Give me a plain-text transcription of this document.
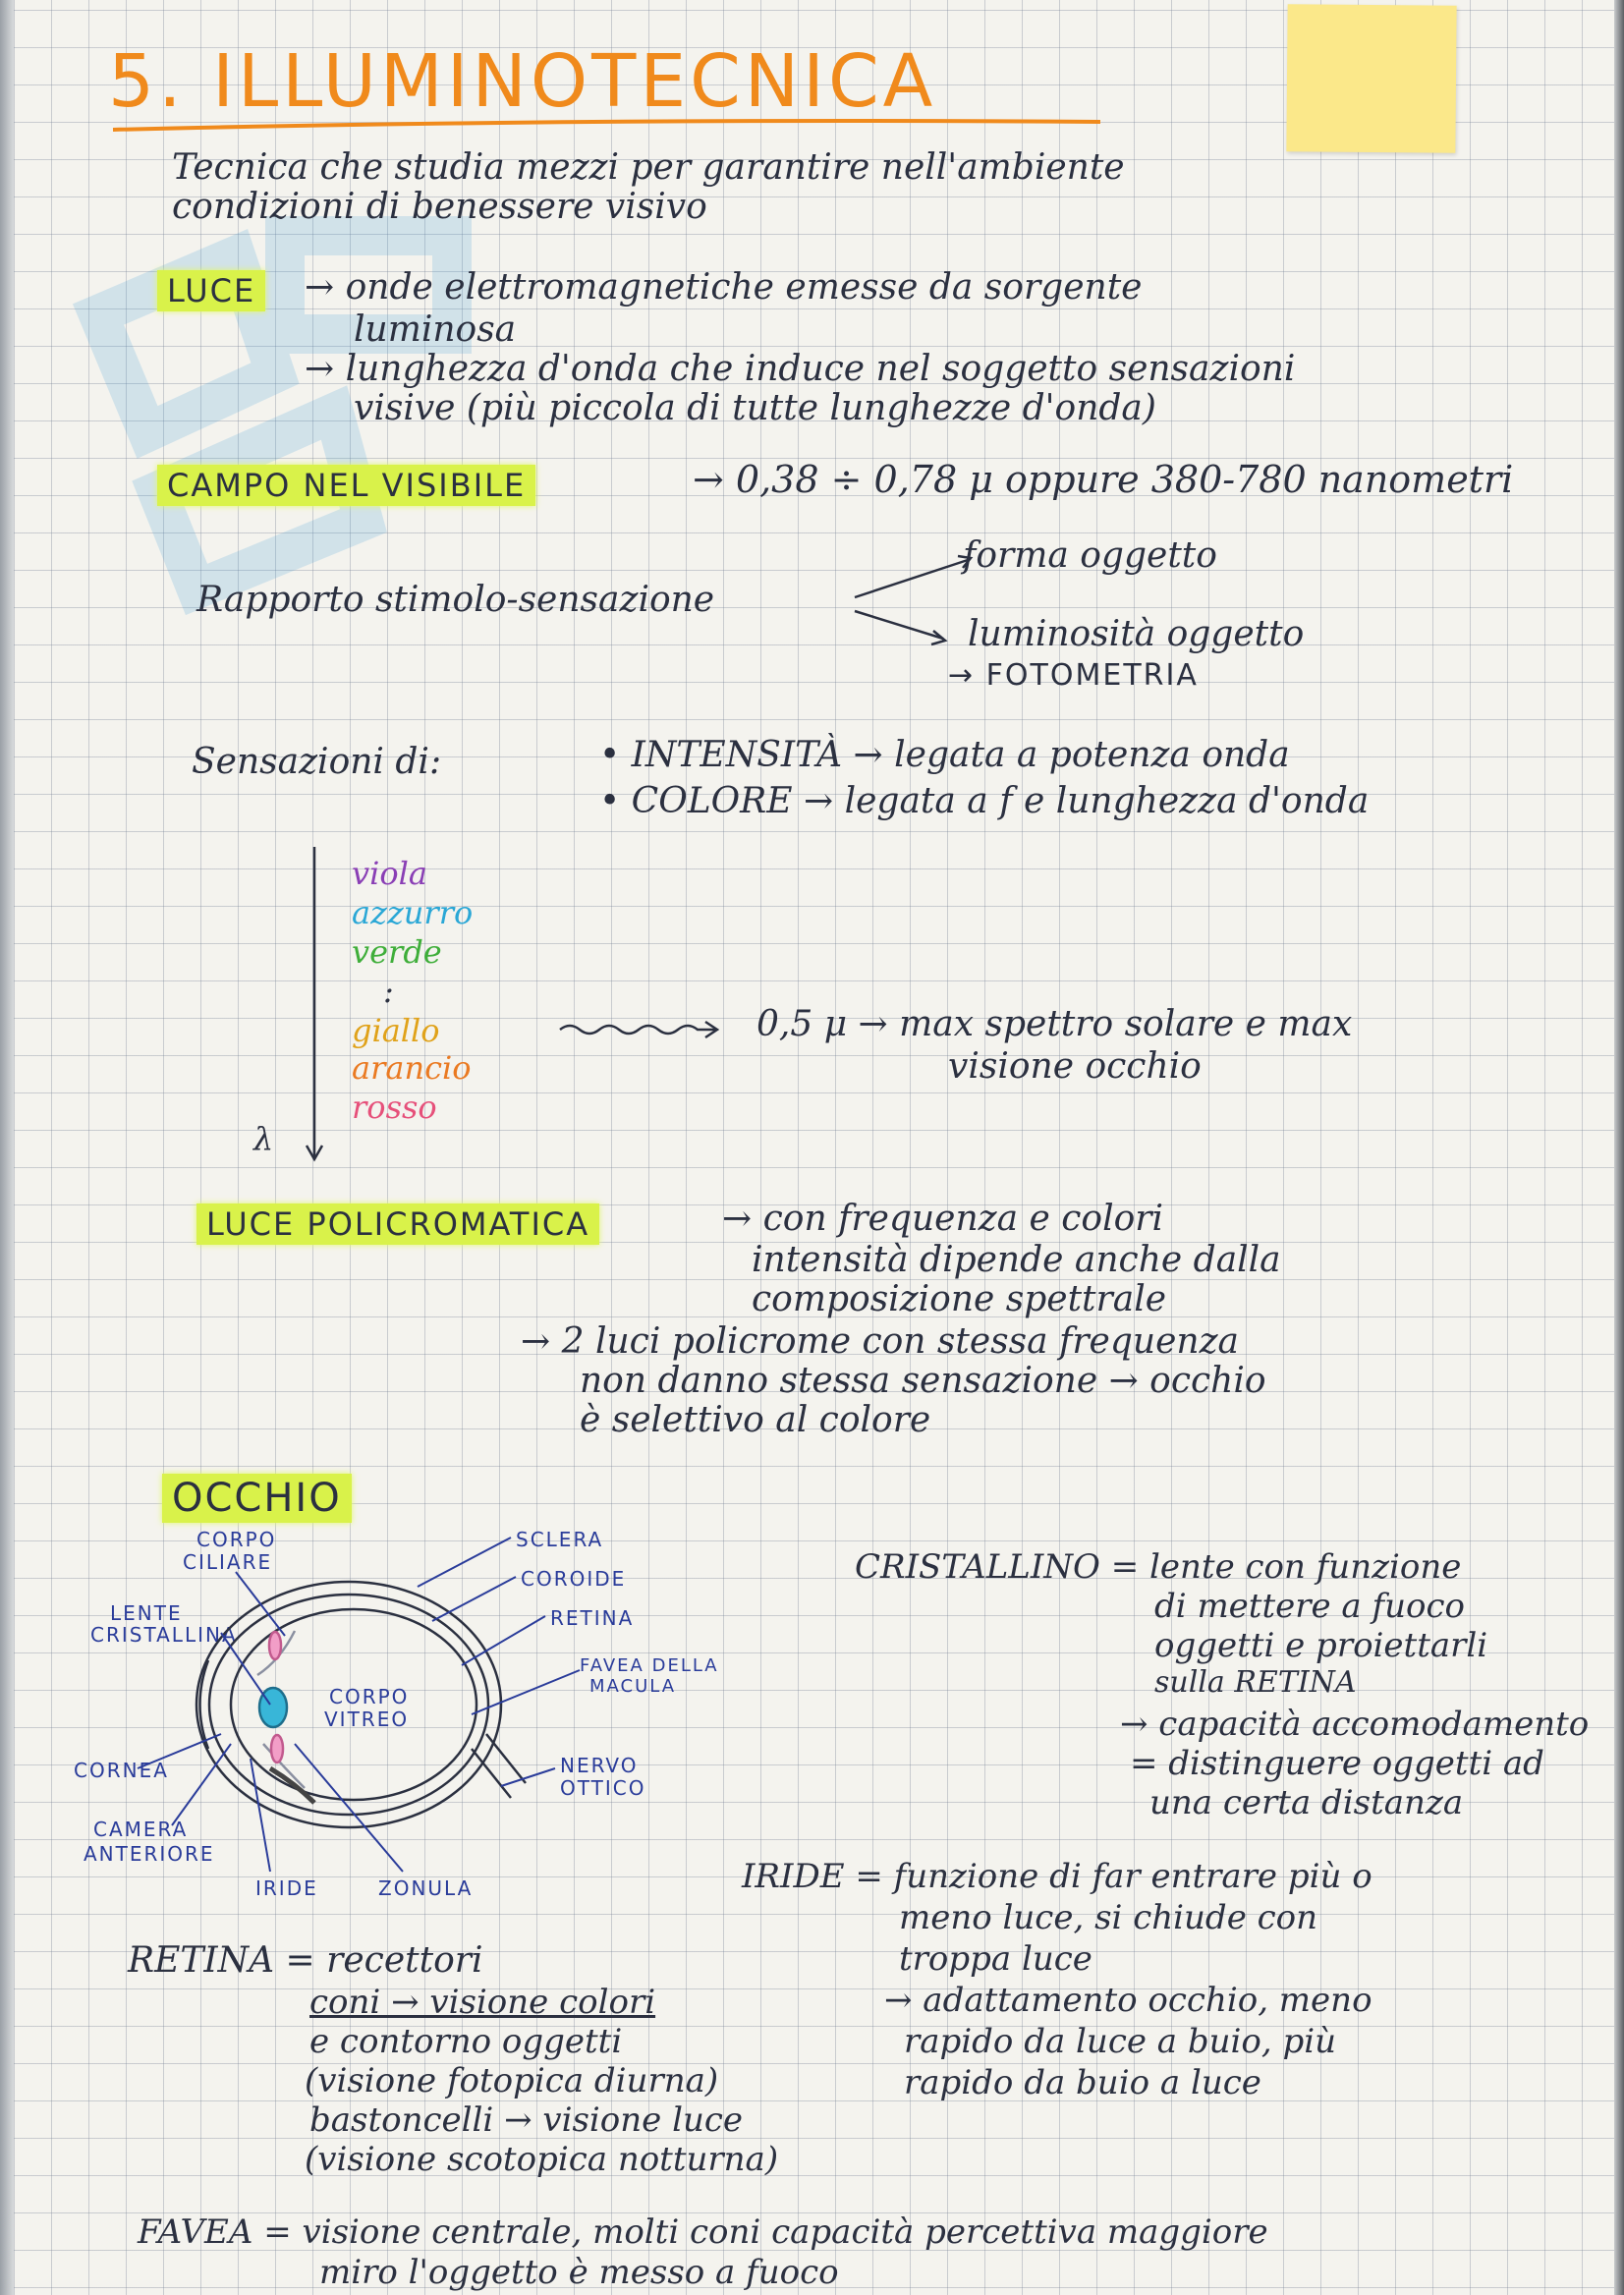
5. ILLUMINOTECNICA
Tecnica che studia mezzi per garantire nell'ambiente
condizioni di benessere visivo
LUCE → onde elettromagnetiche emesse da sorgente
luminosa
→ lunghezza d'onda che induce nel soggetto sensazioni
visive (più piccola di tutte lunghezze d'onda)
CAMPO NEL VISIBILE	→ 0,38 ÷ 0,78 μ oppure 380-780 nanometri
Rapporto stimolo-sensazione
forma oggetto
luminosità oggetto
→ FOTOMETRIA
Sensazioni di:	• INTENSITÀ → legata a potenza onda
• COLORE → legata a f e lunghezza d'onda
viola
azzurro
verde
:
giallo
arancio
rosso
λ
0,5 μ → max spettro solare e max
visione occhio
LUCE POLICROMATICA	→ con frequenza e colori
intensità dipende anche dalla
composizione spettrale
→ 2 luci policrome con stessa frequenza
non danno stessa sensazione → occhio
è selettivo al colore
OCCHIO
CORPO
CILIARE
LENTE
CRISTALLINA
CORNEA
CAMERA
ANTERIORE
IRIDE	ZONULA
SCLERA
COROIDE
RETINA
FAVEA DELLA
MACULA
NERVO
OTTICO
CORPO
VITREO
CRISTALLINO = lente con funzione
di mettere a fuoco
oggetti e proiettarli
sulla RETINA
→ capacità accomodamento
= distinguere oggetti ad
una certa distanza
IRIDE = funzione di far entrare più o
meno luce, si chiude con
troppa luce
→ adattamento occhio, meno
rapido da luce a buio, più
rapido da buio a luce
RETINA = recettori
coni → visione colori
e contorno oggetti
(visione fotopica diurna)
bastoncelli → visione luce
(visione scotopica notturna)
FAVEA = visione centrale, molti coni capacità percettiva maggiore
miro l'oggetto è messo a fuoco
